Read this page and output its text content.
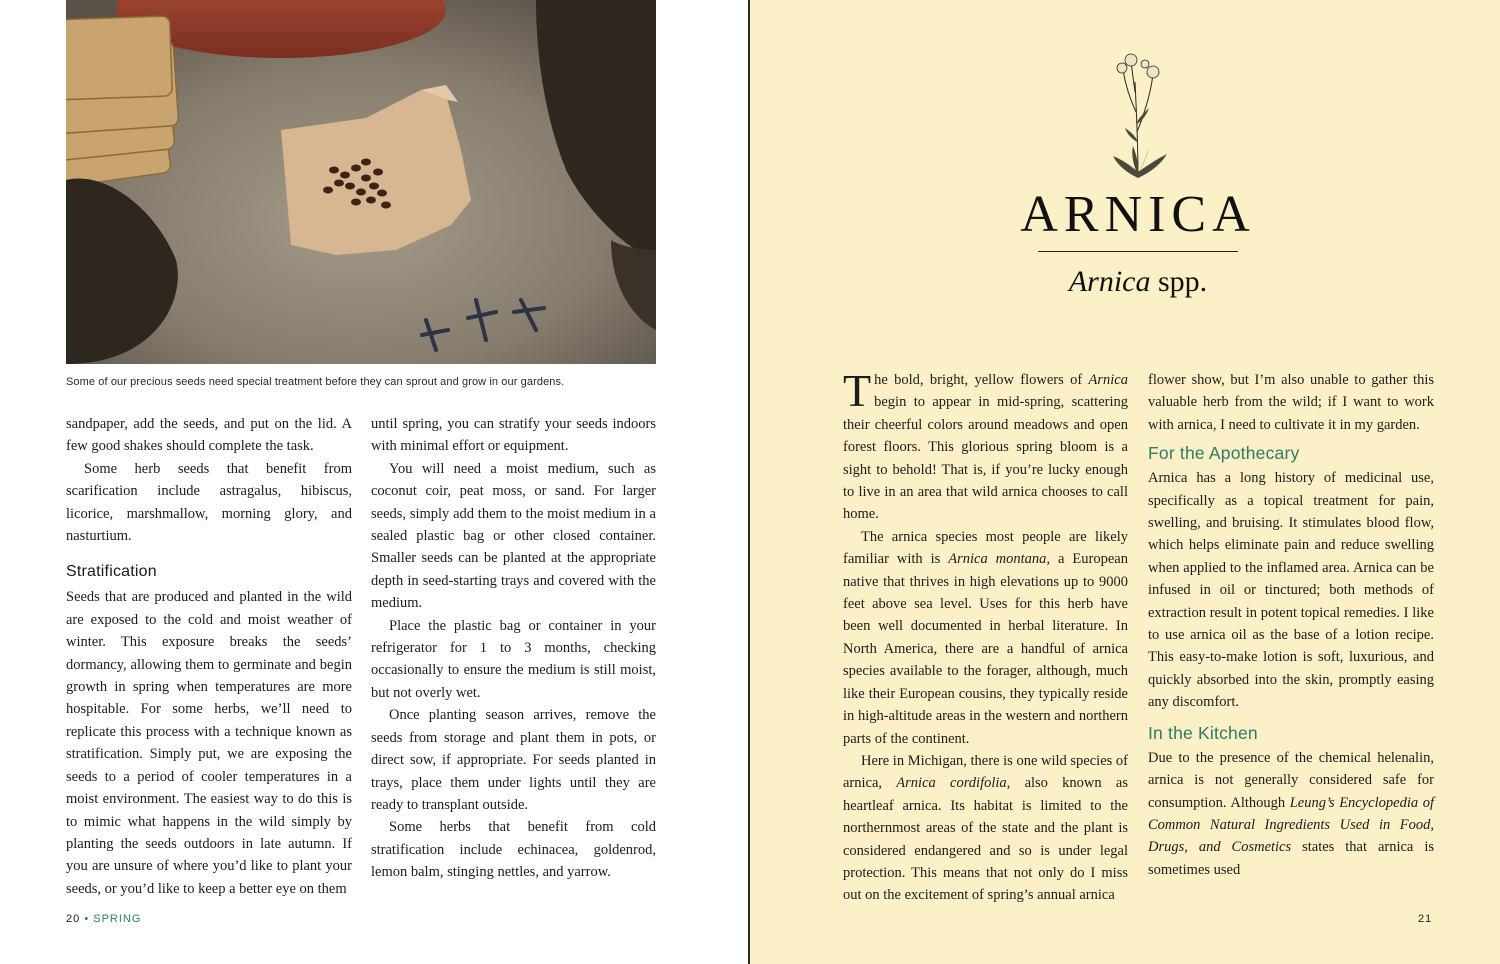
Some of our precious seeds need special treatment before they can sprout and grow in our gardens.

sandpaper, add the seeds, and put on the lid. A few good shakes should complete the task.

Some herb seeds that benefit from scarification include astragalus, hibiscus, licorice, marshmallow, morning glory, and nasturtium.

Stratification

Seeds that are produced and planted in the wild are exposed to the cold and moist weather of winter. This exposure breaks the seeds’ dormancy, allowing them to germinate and begin growth in spring when temperatures are more hospitable. For some herbs, we’ll need to replicate this process with a technique known as stratification. Simply put, we are exposing the seeds to a period of cooler temperatures in a moist environment. The easiest way to do this is to mimic what happens in the wild simply by planting the seeds outdoors in late autumn. If you are unsure of where you’d like to plant your seeds, or you’d like to keep a better eye on them

until spring, you can stratify your seeds indoors with minimal effort or equipment.

You will need a moist medium, such as coconut coir, peat moss, or sand. For larger seeds, simply add them to the moist medium in a sealed plastic bag or other closed container. Smaller seeds can be planted at the appropriate depth in seed-starting trays and covered with the medium.

Place the plastic bag or container in your refrigerator for 1 to 3 months, checking occasionally to ensure the medium is still moist, but not overly wet.

Once planting season arrives, remove the seeds from storage and plant them in pots, or direct sow, if appropriate. For seeds planted in trays, place them under lights until they are ready to transplant outside.

Some herbs that benefit from cold stratification include echinacea, goldenrod, lemon balm, stinging nettles, and yarrow.

20 • SPRING
ARNICA
Arnica spp.

The bold, bright, yellow flowers of Arnica begin to appear in mid-spring, scattering their cheerful colors around meadows and open forest floors. This glorious spring bloom is a sight to behold! That is, if you’re lucky enough to live in an area that wild arnica chooses to call home.

The arnica species most people are likely familiar with is Arnica montana, a European native that thrives in high elevations up to 9000 feet above sea level. Uses for this herb have been well documented in herbal literature. In North America, there are a handful of arnica species available to the forager, although, much like their European cousins, they typically reside in high-altitude areas in the western and northern parts of the continent.

Here in Michigan, there is one wild species of arnica, Arnica cordifolia, also known as heartleaf arnica. Its habitat is limited to the northernmost areas of the state and the plant is considered endangered and so is under legal protection. This means that not only do I miss out on the excitement of spring’s annual arnica

flower show, but I’m also unable to gather this valuable herb from the wild; if I want to work with arnica, I need to cultivate it in my garden.

For the Apothecary

Arnica has a long history of medicinal use, specifically as a topical treatment for pain, swelling, and bruising. It stimulates blood flow, which helps eliminate pain and reduce swelling when applied to the inflamed area. Arnica can be infused in oil or tinctured; both methods of extraction result in potent topical remedies. I like to use arnica oil as the base of a lotion recipe. This easy-to-make lotion is soft, luxurious, and quickly absorbed into the skin, promptly easing any discomfort.

In the Kitchen

Due to the presence of the chemical helenalin, arnica is not generally considered safe for consumption. Although Leung’s Encyclopedia of Common Natural Ingredients Used in Food, Drugs, and Cosmetics states that arnica is sometimes used

21
